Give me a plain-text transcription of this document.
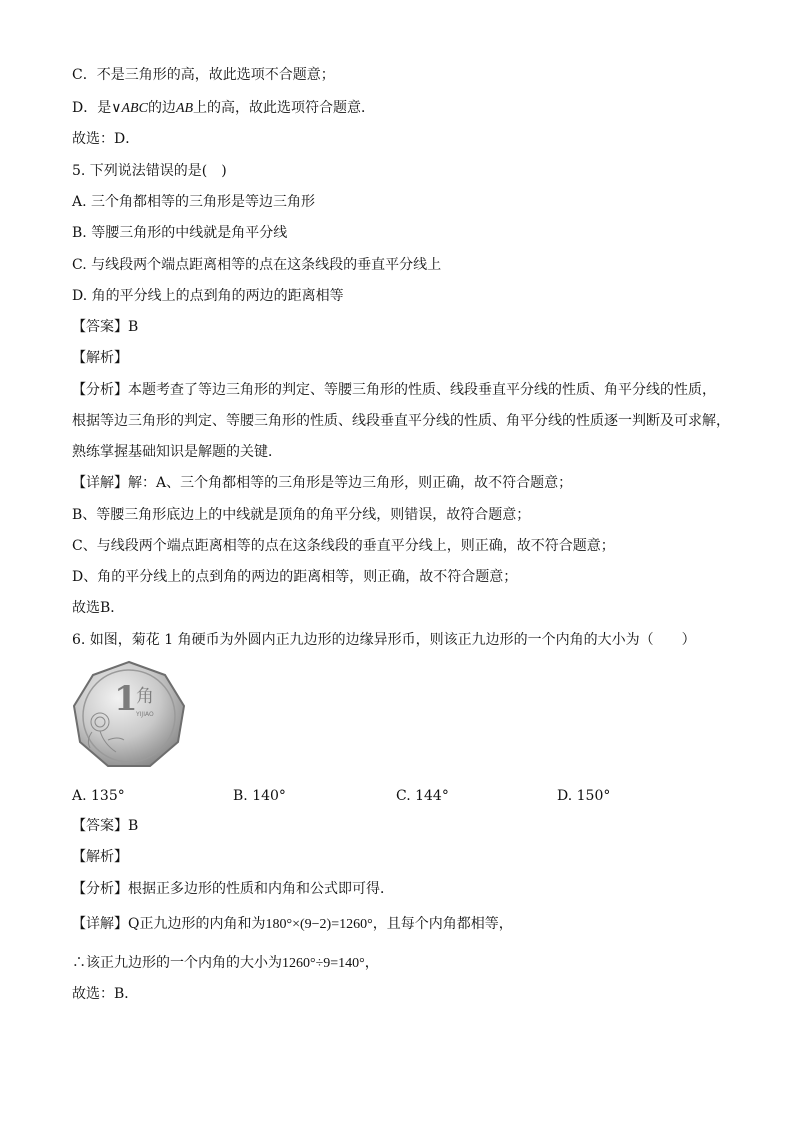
C．不是三角形的高，故此选项不合题意；
D．是∨ABC的边AB上的高，故此选项符合题意．
故选：D．
5. 下列说法错误的是(　)
A. 三个角都相等的三角形是等边三角形
B. 等腰三角形的中线就是角平分线
C. 与线段两个端点距离相等的点在这条线段的垂直平分线上
D. 角的平分线上的点到角的两边的距离相等
【答案】B
【解析】
【分析】本题考查了等边三角形的判定、等腰三角形的性质、线段垂直平分线的性质、角平分线的性质，
根据等边三角形的判定、等腰三角形的性质、线段垂直平分线的性质、角平分线的性质逐一判断及可求解，
熟练掌握基础知识是解题的关键．
【详解】解：A、三个角都相等的三角形是等边三角形，则正确，故不符合题意；
B、等腰三角形底边上的中线就是顶角的角平分线，则错误，故符合题意；
C、与线段两个端点距离相等的点在这条线段的垂直平分线上，则正确，故不符合题意；
D、角的平分线上的点到角的两边的距离相等，则正确，故不符合题意；
故选B．
6. 如图，菊花 1 角硬币为外圆内正九边形的边缘异形币，则该正九边形的一个内角的大小为（　　）
1
角
YIJIAO
A. 135°	B. 140°	C. 144°	D. 150°
【答案】B
【解析】
【分析】根据正多边形的性质和内角和公式即可得．
【详解】Q正九边形的内角和为180°×(9−2)=1260°，且每个内角都相等，
∴该正九边形的一个内角的大小为1260°÷9=140°，
故选：B．
